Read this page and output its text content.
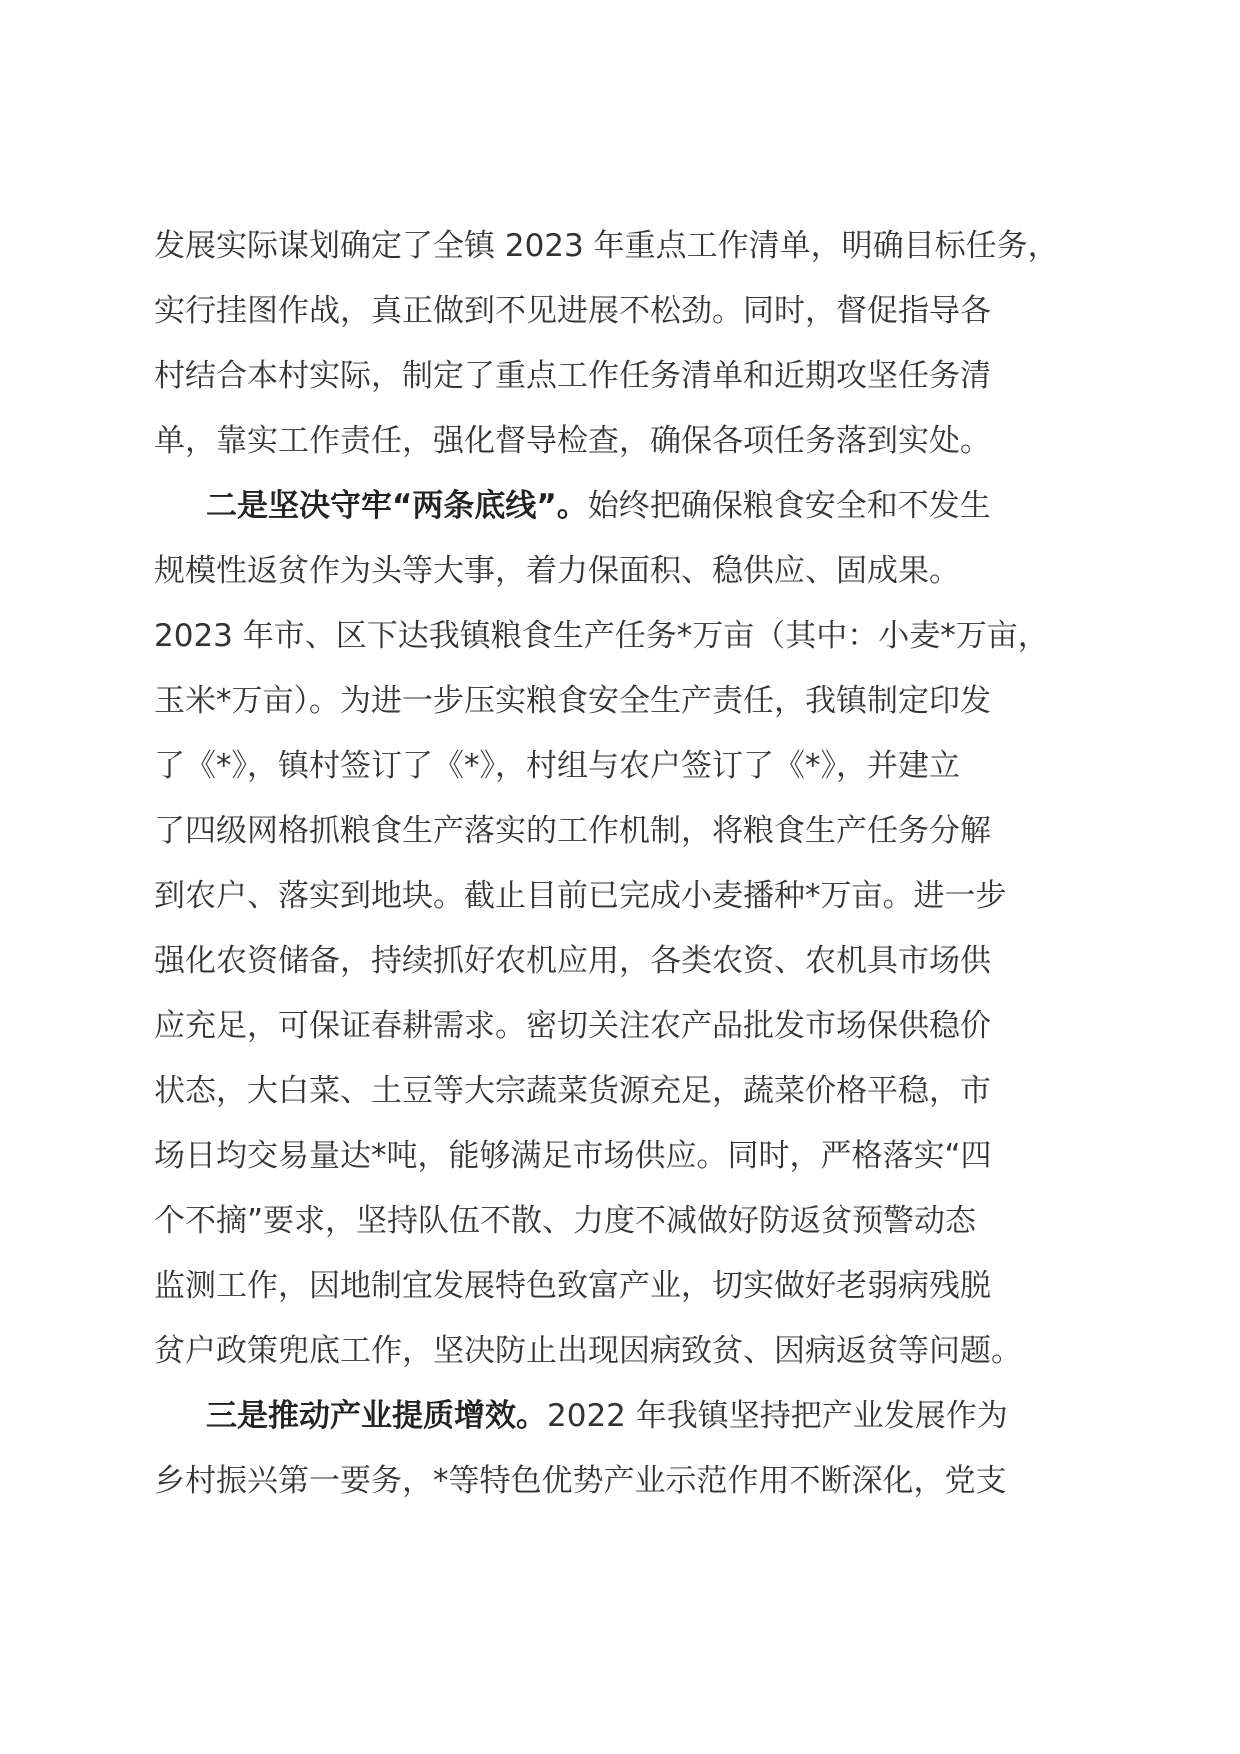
发展实际谋划确定了全镇 2023 年重点工作清单，明确目标任务，
实行挂图作战，真正做到不见进展不松劲。同时，督促指导各
村结合本村实际，制定了重点工作任务清单和近期攻坚任务清
单，靠实工作责任，强化督导检查，确保各项任务落到实处。
二是坚决守牢“两条底线”。始终把确保粮食安全和不发生
规模性返贫作为头等大事，着力保面积、稳供应、固成果。
2023 年市、区下达我镇粮食生产任务*万亩（其中：小麦*万亩，
玉米*万亩）。为进一步压实粮食安全生产责任，我镇制定印发
了《*》，镇村签订了《*》，村组与农户签订了《*》，并建立
了四级网格抓粮食生产落实的工作机制，将粮食生产任务分解
到农户、落实到地块。截止目前已完成小麦播种*万亩。进一步
强化农资储备，持续抓好农机应用，各类农资、农机具市场供
应充足，可保证春耕需求。密切关注农产品批发市场保供稳价
状态，大白菜、土豆等大宗蔬菜货源充足，蔬菜价格平稳，市
场日均交易量达*吨，能够满足市场供应。同时，严格落实“四
个不摘”要求，坚持队伍不散、力度不减做好防返贫预警动态
监测工作，因地制宜发展特色致富产业，切实做好老弱病残脱
贫户政策兜底工作，坚决防止出现因病致贫、因病返贫等问题。
三是推动产业提质增效。2022 年我镇坚持把产业发展作为
乡村振兴第一要务，*等特色优势产业示范作用不断深化，党支
